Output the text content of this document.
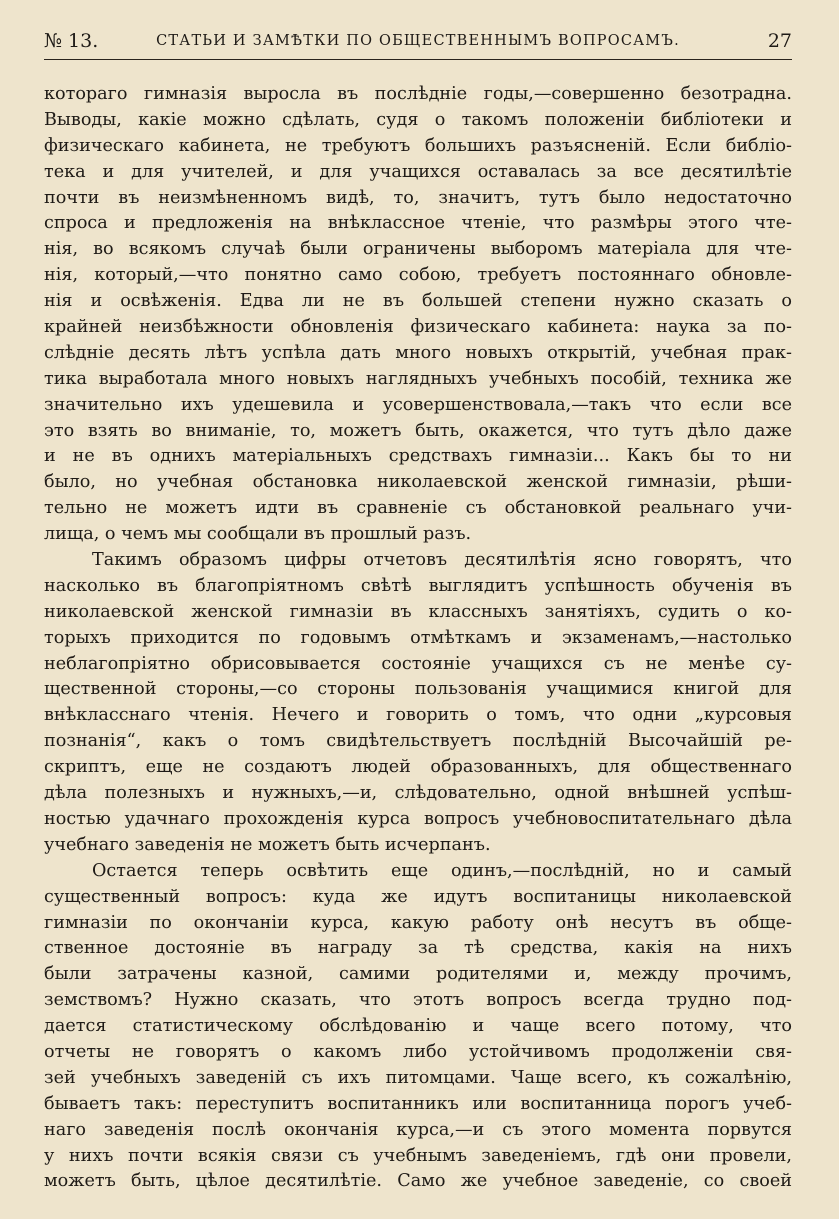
№ 13.	СТАТЬИ И ЗАМѢТКИ ПО ОБЩЕСТВЕННЫМЪ ВОПРОСАМЪ.	27
котораго гимназія выросла въ послѣдніе годы,—совершенно безотрадна.
Выводы, какіе можно сдѣлать, судя о такомъ положеніи библіотеки и
физическаго кабинета, не требуютъ большихъ разъясненій. Если библіо-
тека и для учителей, и для учащихся оставалась за все десятилѣтіе
почти въ неизмѣненномъ видѣ, то, значитъ, тутъ было недостаточно
спроса и предложенія на внѣклассное чтеніе, что размѣры этого чте-
нія, во всякомъ случаѣ были ограничены выборомъ матеріала для чте-
нія, который,—что понятно само собою, требуетъ постояннаго обновле-
нія и освѣженія. Едва ли не въ большей степени нужно сказать о
крайней неизбѣжности обновленія физическаго кабинета: наука за по-
слѣдніе десять лѣтъ успѣла дать много новыхъ открытій, учебная прак-
тика выработала много новыхъ наглядныхъ учебныхъ пособій, техника же
значительно ихъ удешевила и усовершенствовала,—такъ что если все
это взять во вниманіе, то, можетъ быть, окажется, что тутъ дѣло даже
и не въ однихъ матеріальныхъ средствахъ гимназіи... Какъ бы то ни
было, но учебная обстановка николаевской женской гимназіи, рѣши-
тельно не можетъ идти въ сравненіе съ обстановкой реальнаго учи-
лища, о чемъ мы сообщали въ прошлый разъ.
Такимъ образомъ цифры отчетовъ десятилѣтія ясно говорятъ, что
насколько въ благопріятномъ свѣтѣ выглядитъ успѣшность обученія въ
николаевской женской гимназіи въ классныхъ занятіяхъ, судить о ко-
торыхъ приходится по годовымъ отмѣткамъ и экзаменамъ,—настолько
неблагопріятно обрисовывается состояніе учащихся съ не менѣе су-
щественной стороны,—со стороны пользованія учащимися книгой для
внѣкласснаго чтенія. Нечего и говорить о томъ, что одни „курсовыя
познанія“, какъ о томъ свидѣтельствуетъ послѣдній Высочайшій ре-
скриптъ, еще не создаютъ людей образованныхъ, для общественнаго
дѣла полезныхъ и нужныхъ,—и, слѣдовательно, одной внѣшней успѣш-
ностью удачнаго прохожденія курса вопросъ учебновоспитательнаго дѣла
учебнаго заведенія не можетъ быть исчерпанъ.
Остается теперь освѣтить еще одинъ,—послѣдній, но и самый
существенный вопросъ: куда же идутъ воспитаницы николаевской
гимназіи по окончаніи курса, какую работу онѣ несутъ въ обще-
ственное достояніе въ награду за тѣ средства, какія на нихъ
были затрачены казной, самими родителями и, между прочимъ,
земствомъ? Нужно сказать, что этотъ вопросъ всегда трудно под-
дается статистическому обслѣдованію и чаще всего потому, что
отчеты не говорятъ о какомъ либо устойчивомъ продолженіи свя-
зей учебныхъ заведеній съ ихъ питомцами. Чаще всего, къ сожалѣнію,
бываетъ такъ: переступитъ воспитанникъ или воспитанница порогъ учеб-
наго заведенія послѣ окончанія курса,—и съ этого момента порвутся
у нихъ почти всякія связи съ учебнымъ заведеніемъ, гдѣ они провели,
можетъ быть, цѣлое десятилѣтіе. Само же учебное заведеніе, со своей
